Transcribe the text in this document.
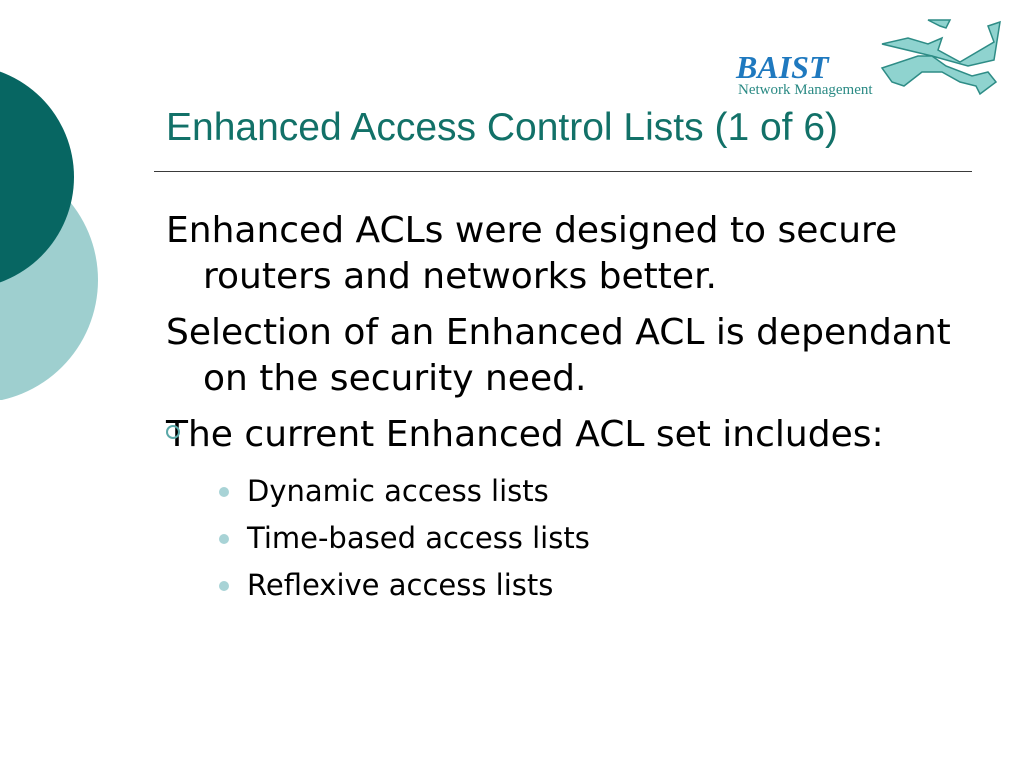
BAIST
Network Management
Enhanced Access Control Lists (1 of 6)

Enhanced ACLs were designed to secure routers and networks better.

Selection of an Enhanced ACL is dependant on the security need.

The current Enhanced ACL set includes:

Dynamic access lists
Time-based access lists
Reflexive access lists
